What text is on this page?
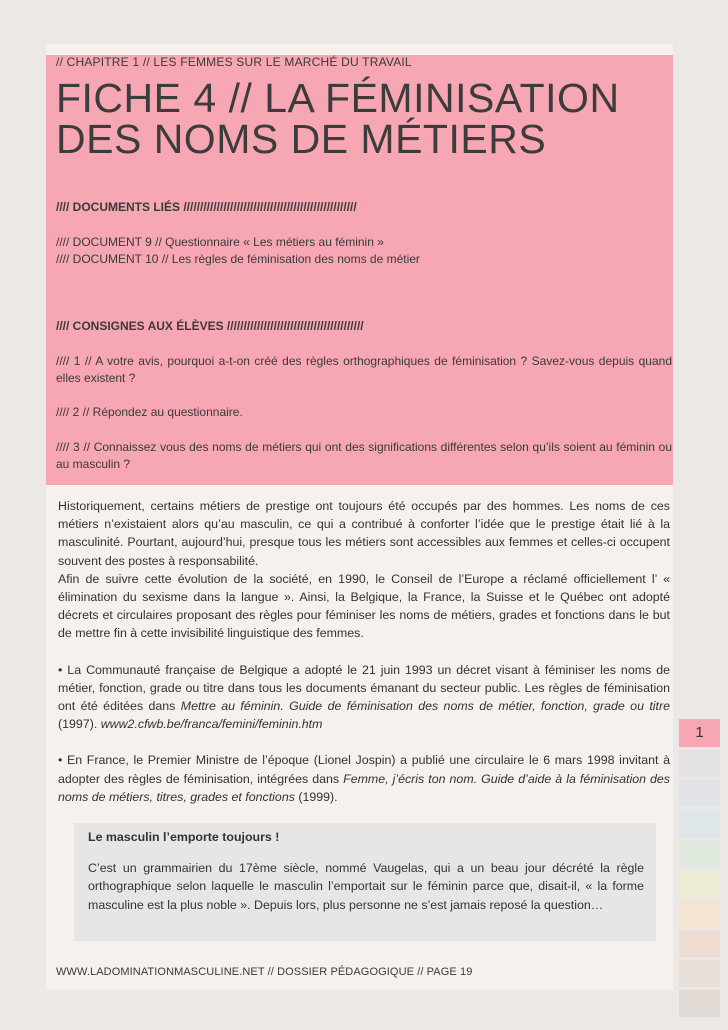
// CHAPITRE 1 // LES FEMMES SUR LE MARCHÉ DU TRAVAIL
FICHE 4 // LA FÉMINISATION
DES NOMS DE MÉTIERS
//// DOCUMENTS LIÉS ////////////////////////////////////////////////////
//// DOCUMENT 9 // Questionnaire « Les métiers au féminin »
//// DOCUMENT 10 // Les règles de féminisation des noms de métier
//// CONSIGNES AUX ÉLÈVES /////////////////////////////////////////
//// 1 // A votre avis, pourquoi a-t-on créé des règles orthographiques de féminisation ? Savez-vous depuis quand elles existent ?
//// 2 // Répondez au questionnaire.
//// 3 // Connaissez vous des noms de métiers qui ont des significations différentes selon qu’ils soient au féminin ou au masculin ?

Historiquement, certains métiers de prestige ont toujours été occupés par des hommes. Les noms de ces métiers n’existaient alors qu’au masculin, ce qui a contribué à conforter l’idée que le prestige était lié à la masculinité. Pourtant, aujourd’hui, presque tous les métiers sont accessibles aux femmes et celles-ci occupent souvent des postes à responsabilité.

Afin de suivre cette évolution de la société, en 1990, le Conseil de l’Europe a réclamé officiellement l’ « élimination du sexisme dans la langue ». Ainsi, la Belgique, la France, la Suisse et le Québec ont adopté décrets et circulaires proposant des règles pour féminiser les noms de métiers, grades et fonctions dans le but de mettre fin à cette invisibilité linguistique des femmes.

• La Communauté française de Belgique a adopté le 21 juin 1993 un décret visant à féminiser les noms de métier, fonction, grade ou titre dans tous les documents émanant du secteur public. Les règles de féminisation ont été éditées dans Mettre au féminin. Guide de féminisation des noms de métier, fonction, grade ou titre (1997). www2.cfwb.be/franca/femini/feminin.htm

• En France, le Premier Ministre de l’époque (Lionel Jospin) a publié une circulaire le 6 mars 1998 invitant à adopter des règles de féminisation, intégrées dans Femme, j’écris ton nom. Guide d’aide à la féminisation des noms de métiers, titres, grades et fonctions (1999).

Le masculin l’emporte toujours !
C’est un grammairien du 17ème siècle, nommé Vaugelas, qui a un beau jour décrété la règle orthographique selon laquelle le masculin l’emportait sur le féminin parce que, disait-il, « la forme masculine est la plus noble ». Depuis lors, plus personne ne s’est jamais reposé la question…
WWW.LADOMINATIONMASCULINE.NET // DOSSIER PÉDAGOGIQUE // PAGE 19
1
